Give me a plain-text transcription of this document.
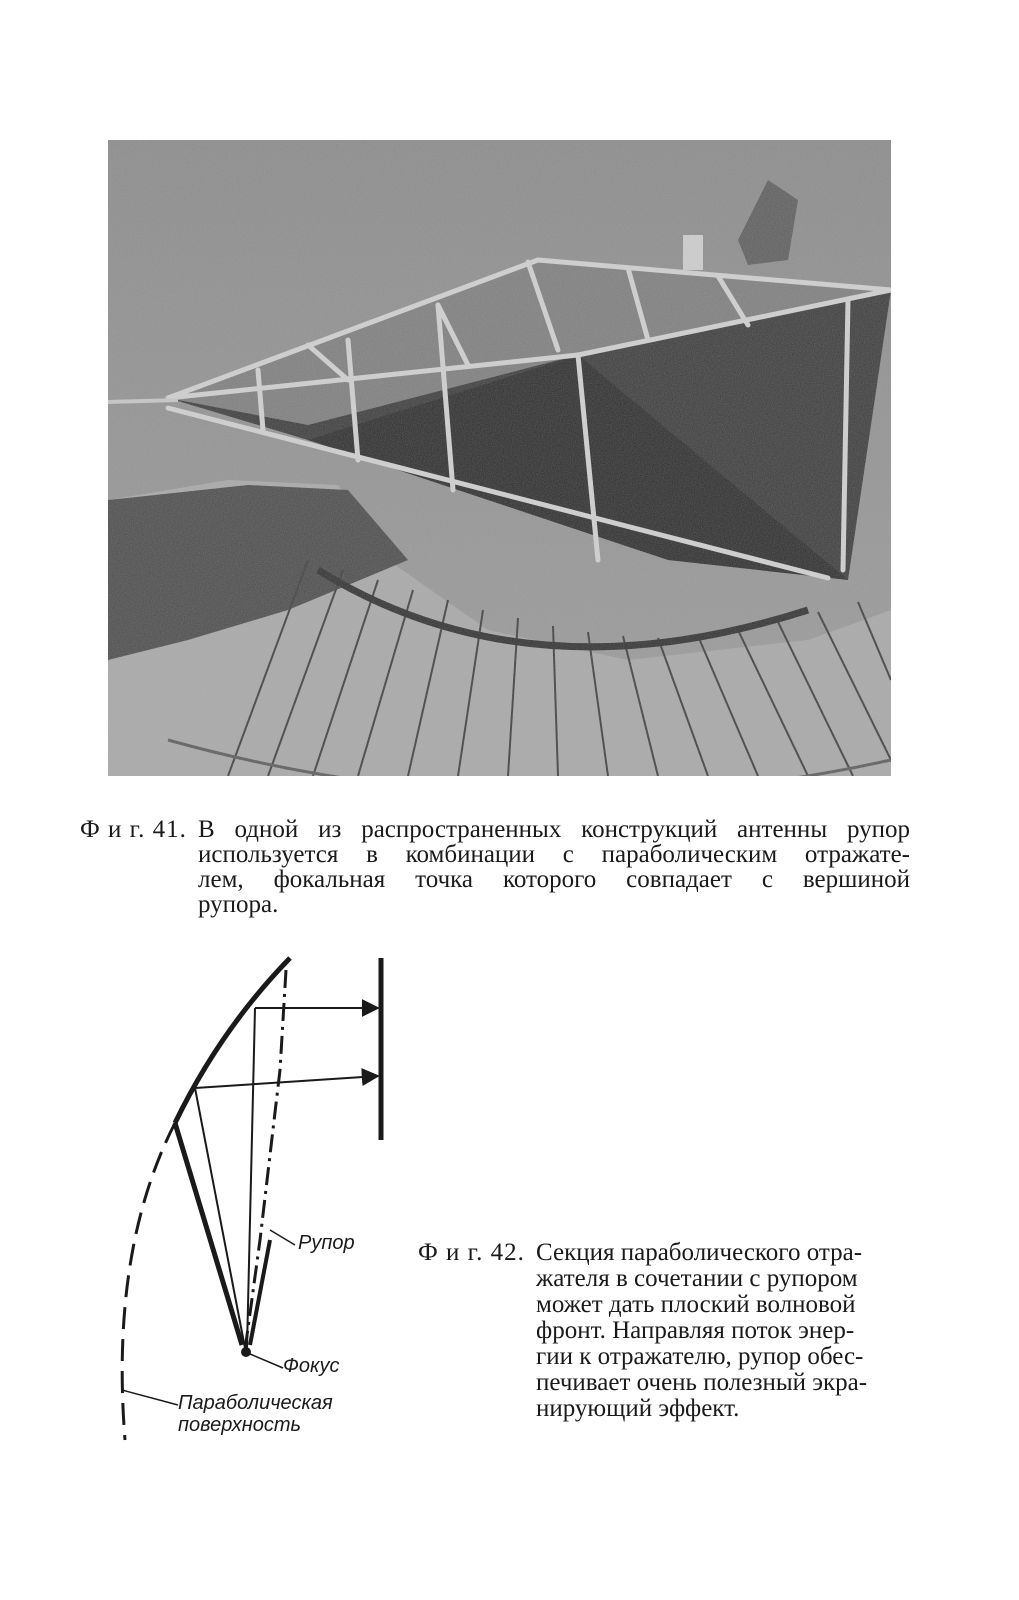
Ф и г. 41. В одной из распространенных конструкций антенны рупор
используется в комбинации с параболическим отражате-
лем, фокальная точка которого совпадает с вершиной
рупора.
Рупор
Фокус
Параболическая
поверхность
Ф и г. 42. Секция параболического отра-
жателя в сочетании с рупором
может дать плоский волновой
фронт. Направляя поток энер-
гии к отражателю, рупор обес-
печивает очень полезный экра-
нирующий эффект.
